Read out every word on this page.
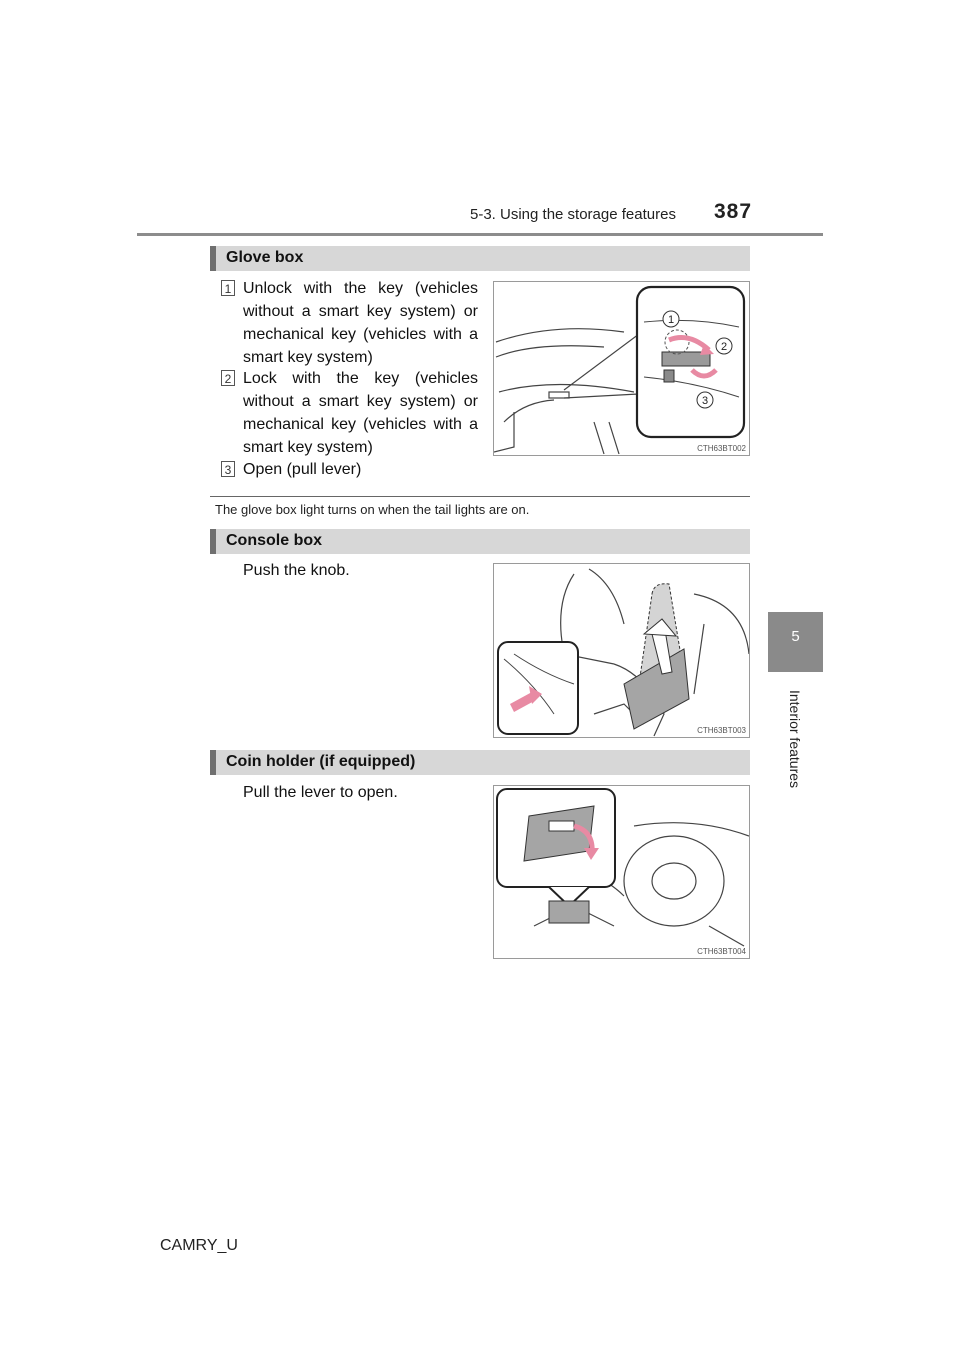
5-3. Using the storage features 387
5
Interior features
Glove box
1 Unlock with the key (vehicles without a smart key system) or mechanical key (vehicles with a smart key system)
2 Lock with the key (vehicles without a smart key system) or mechanical key (vehicles with a smart key system)
3 Open (pull lever)
1
2
3
CTH63BT002
The glove box light turns on when the tail lights are on.
Console box
Push the knob.
CTH63BT003
Coin holder (if equipped)
Pull the lever to open.
CTH63BT004
CAMRY_U
